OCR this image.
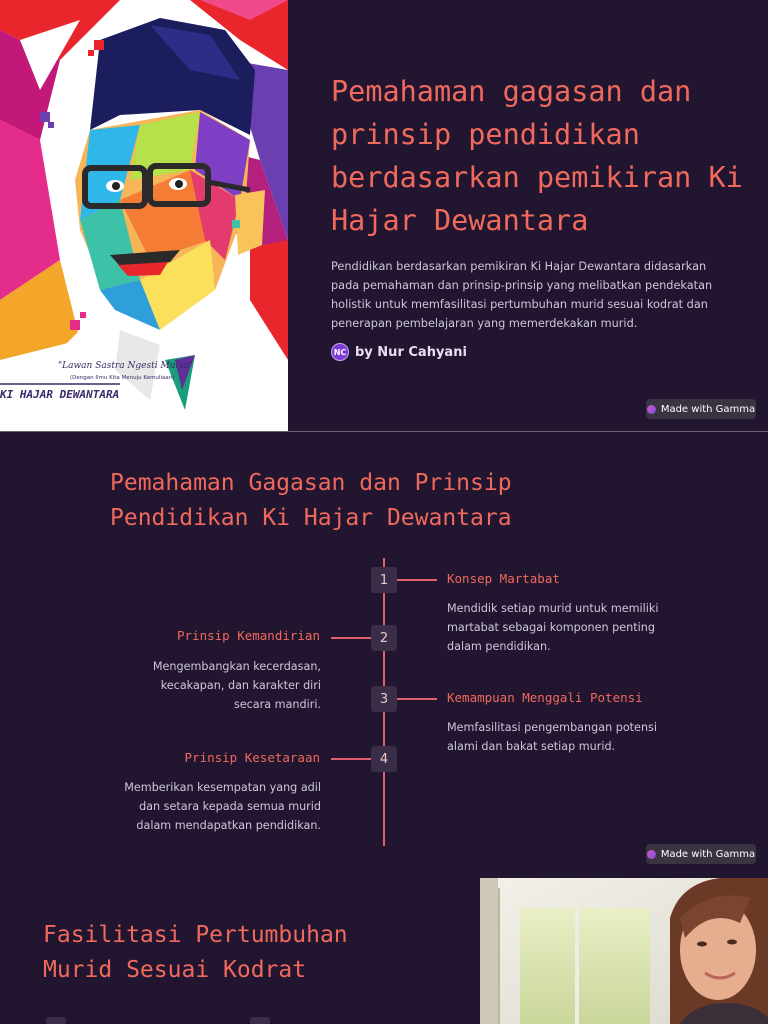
"Lawan Sastra Ngesti Mulya"
(Dengan Ilmu Kita Menuju Kemuliaan)
KI HAJAR DEWANTARA
Pemahaman gagasan dan prinsip pendidikan berdasarkan pemikiran Ki Hajar Dewantara

Pendidikan berdasarkan pemikiran Ki Hajar Dewantara didasarkan pada pemahaman dan prinsip-prinsip yang melibatkan pendekatan holistik untuk memfasilitasi pertumbuhan murid sesuai kodrat dan penerapan pembelajaran yang memerdekakan murid.

NC by Nur Cahyani
Made with Gamma
Pemahaman Gagasan dan Prinsip Pendidikan Ki Hajar Dewantara
1	Konsep Martabat

Mendidik setiap murid untuk memiliki martabat sebagai komponen penting dalam pendidikan.

2
Prinsip Kemandirian

Mengembangkan kecerdasan, kecakapan, dan karakter diri secara mandiri.	3	Kemampuan Menggali Potensi

Memfasilitasi pengembangan potensi alami dan bakat setiap murid.

4
Prinsip Kesetaraan

Memberikan kesempatan yang adil dan setara kepada semua murid dalam mendapatkan pendidikan.

Made with Gamma
Fasilitasi Pertumbuhan Murid Sesuai Kodrat
